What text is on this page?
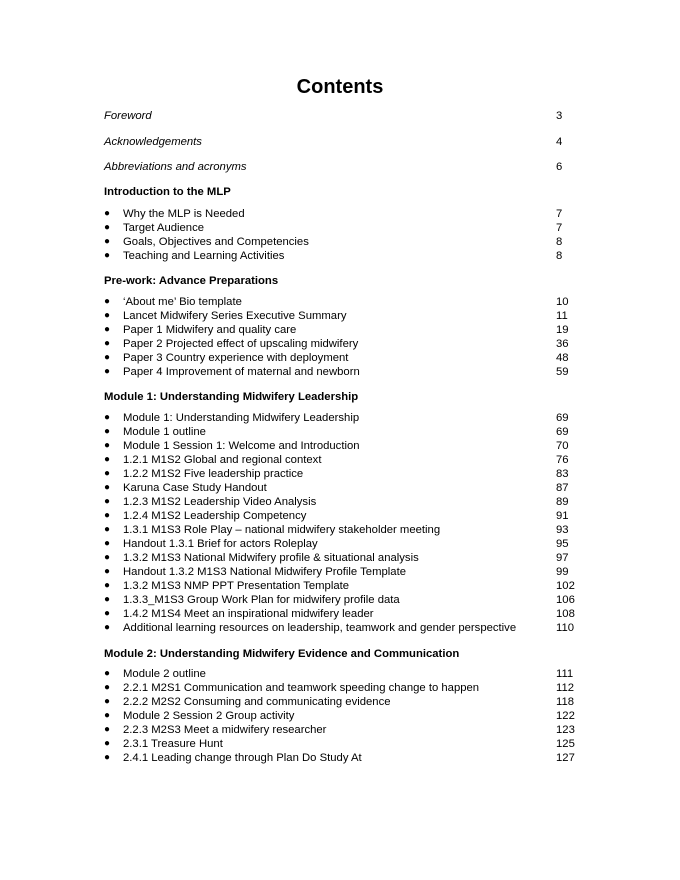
Contents
Foreword	3
Acknowledgements	4
Abbreviations and acronyms	6
Introduction to the MLP
● Why the MLP is Needed	7
● Target Audience	7
● Goals, Objectives and Competencies	8
● Teaching and Learning Activities	8
Pre-work: Advance Preparations
● ‘About me’ Bio template	10
● Lancet Midwifery Series Executive Summary	11
● Paper 1 Midwifery and quality care	19
● Paper 2 Projected effect of upscaling midwifery	36
● Paper 3 Country experience with deployment	48
● Paper 4 Improvement of maternal and newborn	59
Module 1: Understanding Midwifery Leadership
● Module 1: Understanding Midwifery Leadership	69
● Module 1 outline	69
● Module 1 Session 1: Welcome and Introduction	70
● 1.2.1 M1S2 Global and regional context	76
● 1.2.2 M1S2 Five leadership practice	83
● Karuna Case Study Handout	87
● 1.2.3 M1S2 Leadership Video Analysis	89
● 1.2.4 M1S2 Leadership Competency	91
● 1.3.1 M1S3 Role Play – national midwifery stakeholder meeting	93
● Handout 1.3.1 Brief for actors Roleplay	95
● 1.3.2 M1S3 National Midwifery profile & situational analysis	97
● Handout 1.3.2 M1S3 National Midwifery Profile Template	99
● 1.3.2 M1S3 NMP PPT Presentation Template	102
● 1.3.3_M1S3 Group Work Plan for midwifery profile data	106
● 1.4.2 M1S4 Meet an inspirational midwifery leader	108
● Additional learning resources on leadership, teamwork and gender perspective	110
Module 2: Understanding Midwifery Evidence and Communication
● Module 2 outline	111
● 2.2.1 M2S1 Communication and teamwork speeding change to happen	112
● 2.2.2 M2S2 Consuming and communicating evidence	118
● Module 2 Session 2 Group activity	122
● 2.2.3 M2S3 Meet a midwifery researcher	123
● 2.3.1 Treasure Hunt	125
● 2.4.1 Leading change through Plan Do Study At	127
